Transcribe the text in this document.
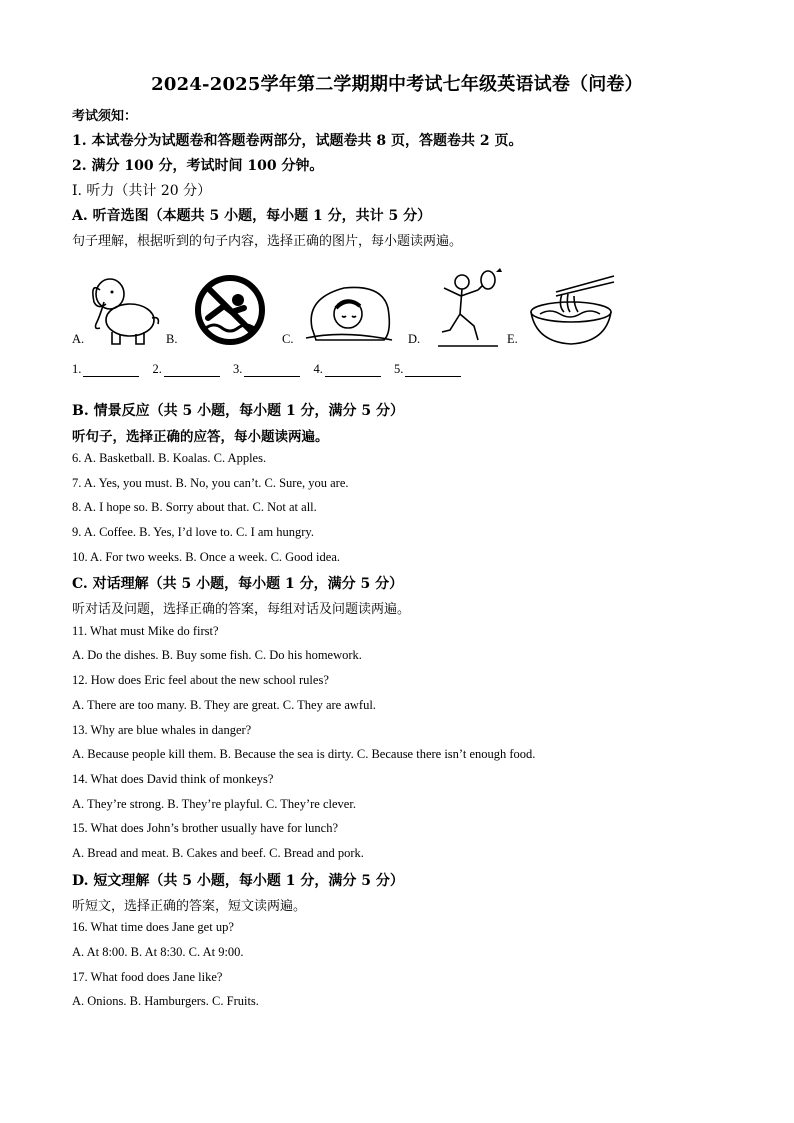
2024-2025学年第二学期期中考试七年级英语试卷（问卷）
考试须知：
1. 本试卷分为试题卷和答题卷两部分，试题卷共 8 页，答题卷共 2 页。
2. 满分 100 分，考试时间 100 分钟。
Ⅰ. 听力（共计 20 分）
A. 听音选图（本题共 5 小题，每小题 1 分，共计 5 分）
句子理解，根据听到的句子内容，选择正确的图片，每小题读两遍。
A.	B.	C.	D.	E.
1.	2.	3.	4.	5.
B. 情景反应（共 5 小题，每小题 1 分，满分 5 分）
听句子，选择正确的应答，每小题读两遍。
6. A. Basketball. B. Koalas. C. Apples.
7. A. Yes, you must. B. No, you can’t. C. Sure, you are.
8. A. I hope so. B. Sorry about that. C. Not at all.
9. A. Coffee. B. Yes, I’d love to. C. I am hungry.
10. A. For two weeks. B. Once a week. C. Good idea.
C. 对话理解（共 5 小题，每小题 1 分，满分 5 分）
听对话及问题，选择正确的答案，每组对话及问题读两遍。
11. What must Mike do first?
A. Do the dishes. B. Buy some fish. C. Do his homework.
12. How does Eric feel about the new school rules?
A. There are too many. B. They are great. C. They are awful.
13. Why are blue whales in danger?
A. Because people kill them. B. Because the sea is dirty. C. Because there isn’t enough food.
14. What does David think of monkeys?
A. They’re strong. B. They’re playful. C. They’re clever.
15. What does John’s brother usually have for lunch?
A. Bread and meat. B. Cakes and beef. C. Bread and pork.
D. 短文理解（共 5 小题，每小题 1 分，满分 5 分）
听短文，选择正确的答案，短文读两遍。
16. What time does Jane get up?
A. At 8:00. B. At 8:30. C. At 9:00.
17. What food does Jane like?
A. Onions. B. Hamburgers. C. Fruits.
